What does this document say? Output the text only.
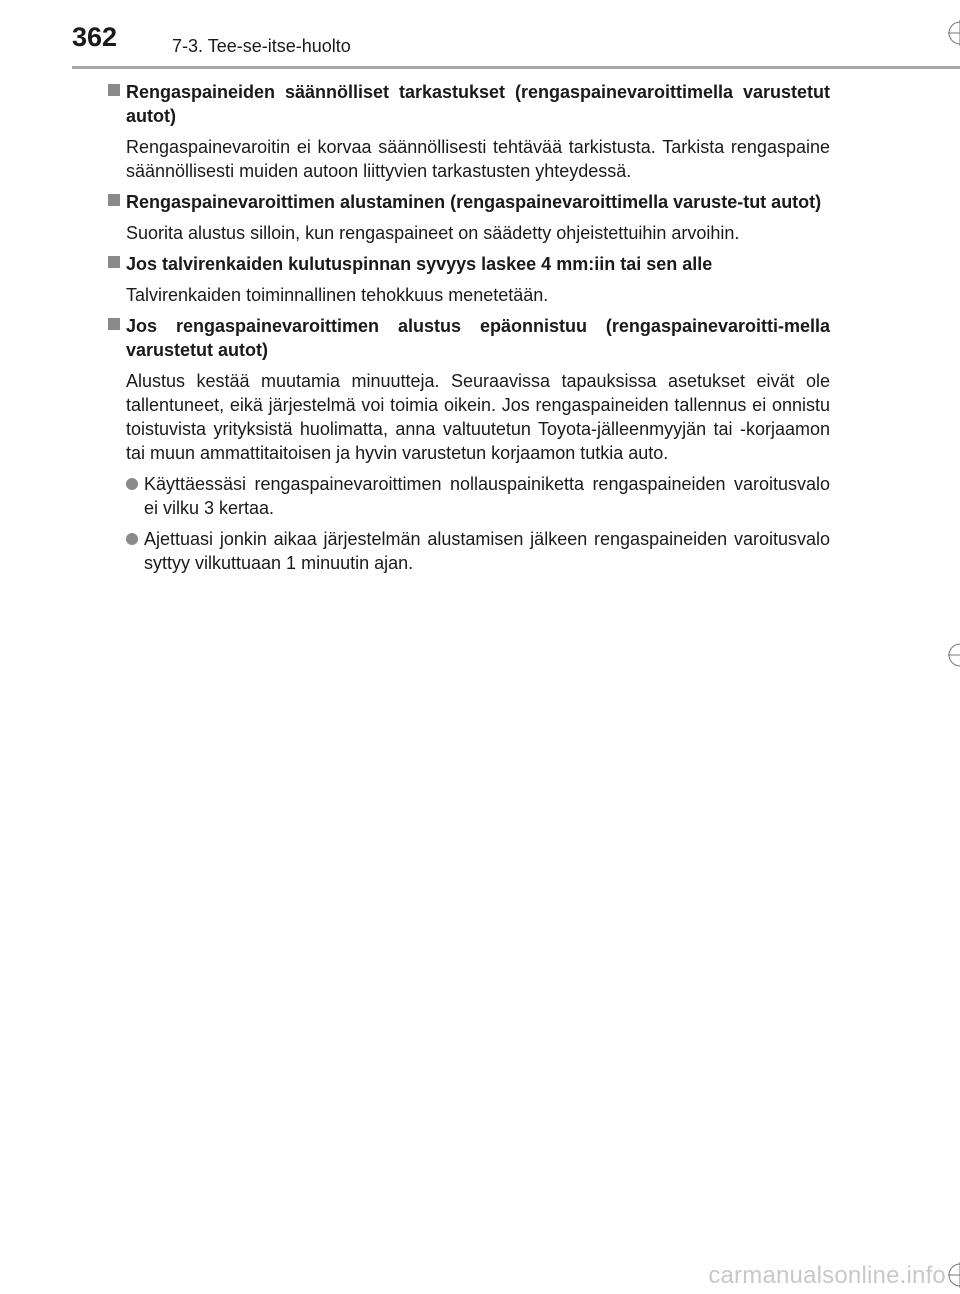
362	7-3. Tee-se-itse-huolto
Rengaspaineiden säännölliset tarkastukset (rengaspainevaroittimella varustetut autot)
Rengaspainevaroitin ei korvaa säännöllisesti tehtävää tarkistusta. Tarkista rengaspaine säännöllisesti muiden autoon liittyvien tarkastusten yhteydessä.
Rengaspainevaroittimen alustaminen (rengaspainevaroittimella varuste-tut autot)
Suorita alustus silloin, kun rengaspaineet on säädetty ohjeistettuihin arvoihin.
Jos talvirenkaiden kulutuspinnan syvyys laskee 4 mm:iin tai sen alle
Talvirenkaiden toiminnallinen tehokkuus menetetään.
Jos rengaspainevaroittimen alustus epäonnistuu (rengaspainevaroitti-mella varustetut autot)
Alustus kestää muutamia minuutteja. Seuraavissa tapauksissa asetukset eivät ole tallentuneet, eikä järjestelmä voi toimia oikein. Jos rengaspaineiden tallennus ei onnistu toistuvista yrityksistä huolimatta, anna valtuutetun Toyota-jälleenmyyjän tai -korjaamon tai muun ammattitaitoisen ja hyvin varustetun korjaamon tutkia auto.
Käyttäessäsi rengaspainevaroittimen nollauspainiketta rengaspaineiden varoitusvalo ei vilku 3 kertaa.
Ajettuasi jonkin aikaa järjestelmän alustamisen jälkeen rengaspaineiden varoitusvalo syttyy vilkuttuaan 1 minuutin ajan.
carmanualsonline.info
